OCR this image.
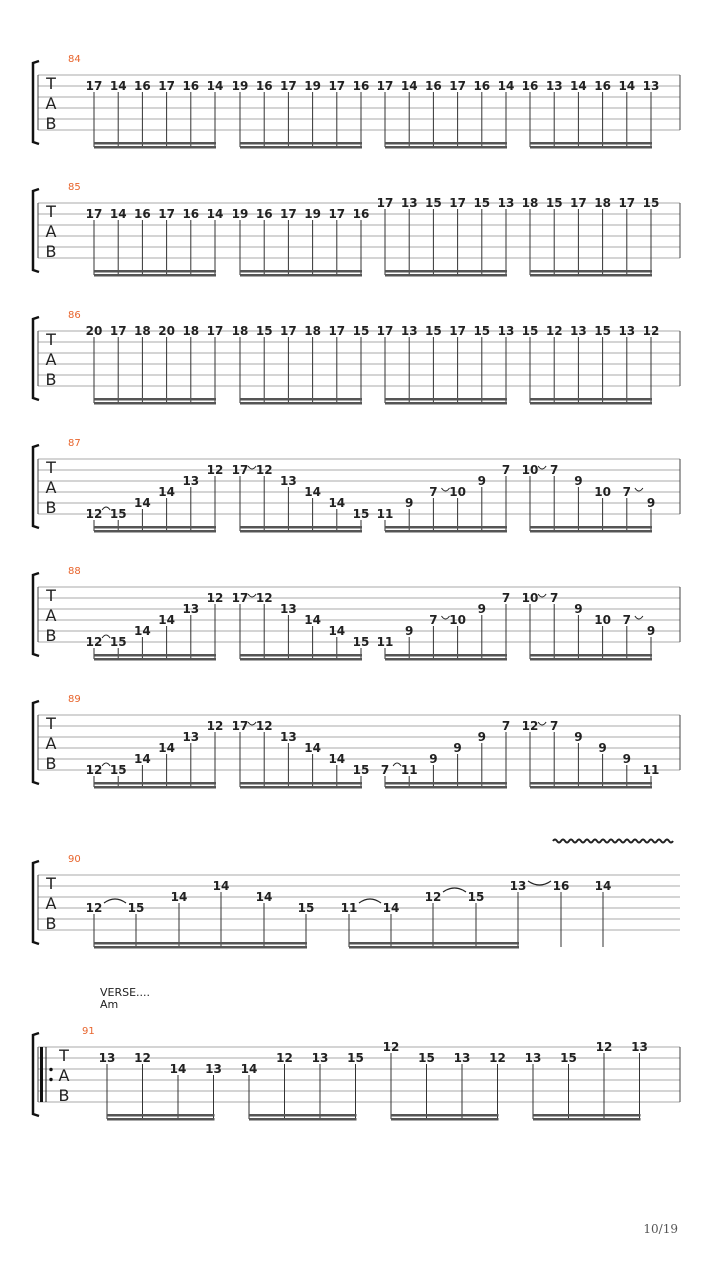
T
A
B
84
17 14 16 17 16 14 19 16 17 19 17 16 17 14 16 17 16 14 16 13 14 16 14 13
T
A
B
85
17 14 16 17 16 14 19 16 17 19 17 16
17 13 15 17 15 13 18 15 17 18 17 15
T
A
B
86
20 17 18 20 18 17 18 15 17 18 17 15 17 13 15 17 15 13 15 12 13 15 13 12
T
A
B
87
12 15
14
14
13
12 17 12
13
14
14
15 11
9
7 10
9
7 10 7
9
10 7
9
T
A
B
88
12 15
14
14
13
12 17 12
13
14
14
15 11
9
7 10
9
7 10 7
9
10 7
9
T
A
B
89
12 15
14
14
13
12 17 12
13
14
14
15 7 11
9
9
9
7 12 7
9
9
9
11
T
A
B
90
12 15
14
14
14
15 11 14
12 15
13 16 14
T
A
B
91
13 12
14 13 14
12 13 15
12
15 13 12 13 15
12 13
VERSE....
Am
10/19
